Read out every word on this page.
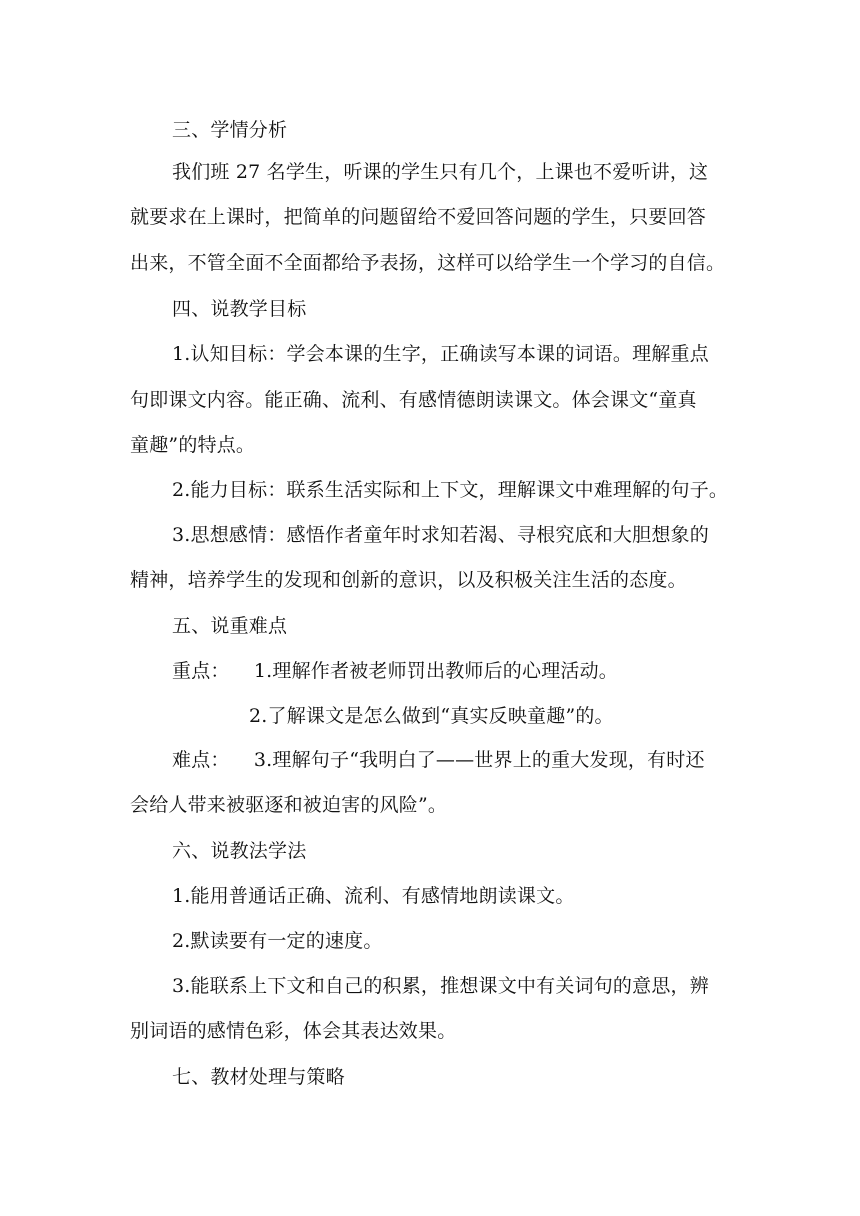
三、学情分析
我们班 27 名学生，听课的学生只有几个，上课也不爱听讲，这
就要求在上课时，把简单的问题留给不爱回答问题的学生，只要回答
出来，不管全面不全面都给予表扬，这样可以给学生一个学习的自信。
四、说教学目标
1.认知目标：学会本课的生字，正确读写本课的词语。理解重点
句即课文内容。能正确、流利、有感情德朗读课文。体会课文“童真
童趣”的特点。
2.能力目标：联系生活实际和上下文，理解课文中难理解的句子。
3.思想感情：感悟作者童年时求知若渴、寻根究底和大胆想象的
精神，培养学生的发现和创新的意识，以及积极关注生活的态度。
五、说重难点
重点： 1.理解作者被老师罚出教师后的心理活动。
2.了解课文是怎么做到“真实反映童趣”的。
难点： 3.理解句子“我明白了——世界上的重大发现，有时还
会给人带来被驱逐和被迫害的风险”。
六、说教法学法
1.能用普通话正确、流利、有感情地朗读课文。
2.默读要有一定的速度。
3.能联系上下文和自己的积累，推想课文中有关词句的意思，辨
别词语的感情色彩，体会其表达效果。
七、教材处理与策略
